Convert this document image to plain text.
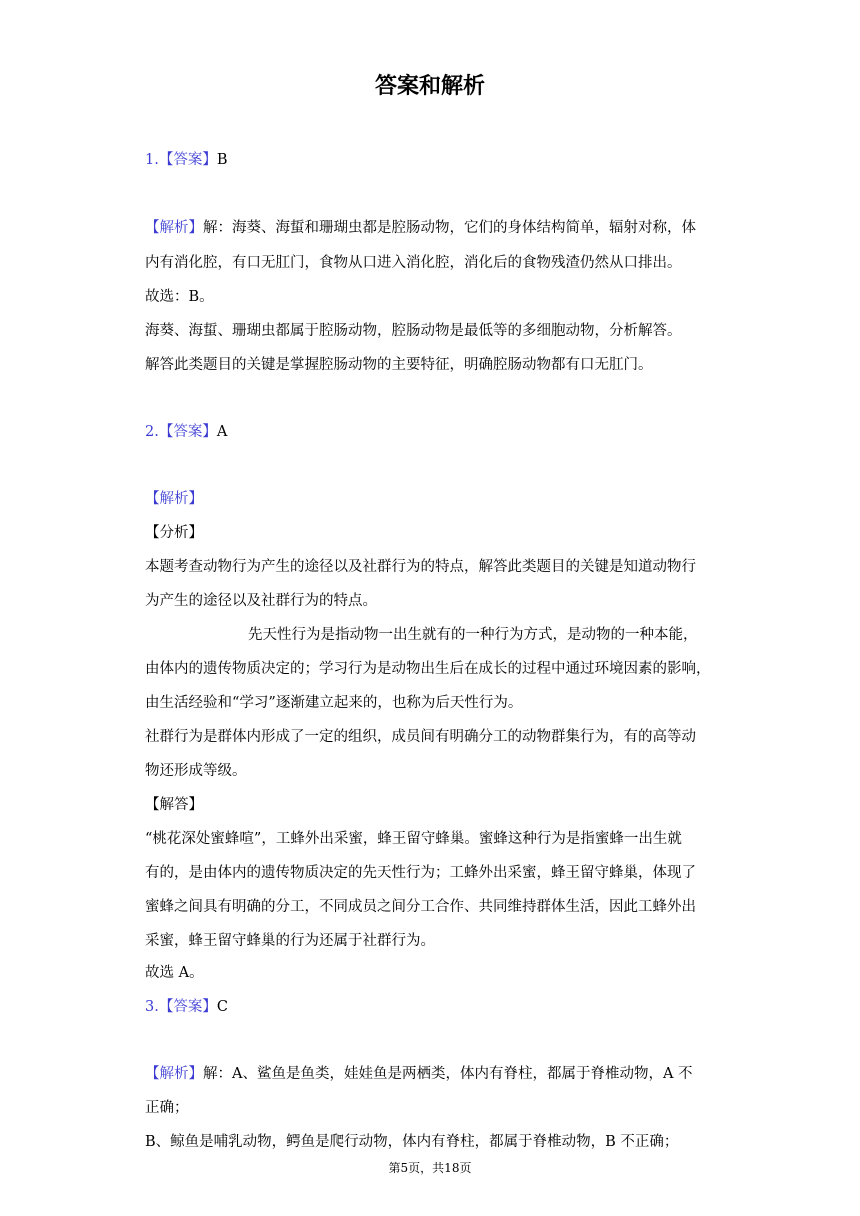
答案和解析
1.【答案】B
【解析】解：海葵、海蜇和珊瑚虫都是腔肠动物，它们的身体结构简单，辐射对称，体
内有消化腔，有口无肛门，食物从口进入消化腔，消化后的食物残渣仍然从口排出。
故选：B。
海葵、海蜇、珊瑚虫都属于腔肠动物，腔肠动物是最低等的多细胞动物，分析解答。
解答此类题目的关键是掌握腔肠动物的主要特征，明确腔肠动物都有口无肛门。
2.【答案】A
【解析】
【分析】
本题考查动物行为产生的途径以及社群行为的特点，解答此类题目的关键是知道动物行
为产生的途径以及社群行为的特点。
先天性行为是指动物一出生就有的一种行为方式，是动物的一种本能，
由体内的遗传物质决定的；学习行为是动物出生后在成长的过程中通过环境因素的影响，
由生活经验和“学习”逐渐建立起来的，也称为后天性行为。
社群行为是群体内形成了一定的组织，成员间有明确分工的动物群集行为，有的高等动
物还形成等级。
【解答】
“桃花深处蜜蜂喧”，工蜂外出采蜜，蜂王留守蜂巢。蜜蜂这种行为是指蜜蜂一出生就
有的，是由体内的遗传物质决定的先天性行为；工蜂外出采蜜，蜂王留守蜂巢，体现了
蜜蜂之间具有明确的分工，不同成员之间分工合作、共同维持群体生活，因此工蜂外出
采蜜，蜂王留守蜂巢的行为还属于社群行为。
故选 A。
3.【答案】C
【解析】解：A、鲨鱼是鱼类，娃娃鱼是两栖类，体内有脊柱，都属于脊椎动物，A 不
正确；
B、鲸鱼是哺乳动物，鳄鱼是爬行动物，体内有脊柱，都属于脊椎动物，B 不正确；
第5页，共18页
